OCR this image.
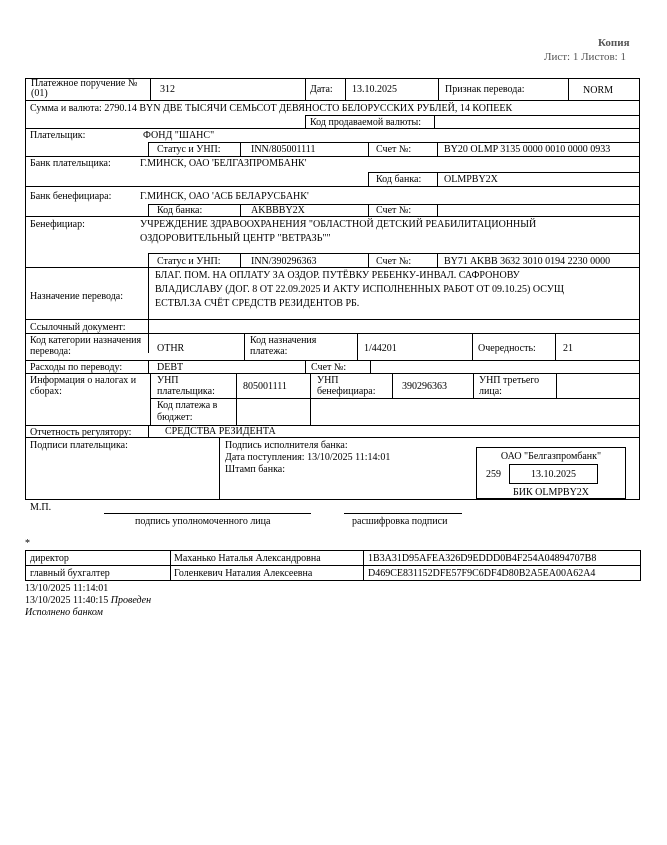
Копия
Лист: 1 Листов: 1
Платежное поручение № (01)	312	Дата: 13.10.2025	Признак перевода:	NORM
Сумма и валюта: 2790.14 BYN ДВЕ ТЫСЯЧИ СЕМЬСОТ ДЕВЯНОСТО БЕЛОРУССКИХ РУБЛЕЙ, 14 КОПЕЕК
Код продаваемой валюты:
Плательщик:	ФОНД "ШАНС"
Статус и УНП:	INN/805001111	Счет №:	BY20 OLMP 3135 0000 0010 0000 0933
Банк плательщика:	Г.МИНСК, ОАО 'БЕЛГАЗПРОМБАНК'
Код банка: OLMPBY2X
Банк бенефициара:	Г.МИНСК, ОАО 'АСБ БЕЛАРУСБАНК'
Код банка:	AKBBBY2X	Счет №:
Бенефициар:	УЧРЕЖДЕНИЕ ЗДРАВООХРАНЕНИЯ "ОБЛАСТНОЙ ДЕТСКИЙ РЕАБИЛИТАЦИОННЫЙ
ОЗДОРОВИТЕЛЬНЫЙ ЦЕНТР "ВЕТРАЗЬ""
Статус и УНП:	INN/390296363	Счет №:	BY71 AKBB 3632 3010 0194 2230 0000
Назначение перевода:
БЛАГ. ПОМ. НА ОПЛАТУ ЗА ОЗДОР. ПУТЁВКУ РЕБЕНКУ-ИНВАЛ. САФРОНОВУ
ВЛАДИСЛАВУ (ДОГ. 8 ОТ 22.09.2025 И АКТУ ИСПОЛНЕННЫХ РАБОТ ОТ 09.10.25) ОСУЩ
ЕСТВЛ.ЗА СЧЁТ СРЕДСТВ РЕЗИДЕНТОВ РБ.
Ссылочный документ:
Код категории назначения перевода:	OTHR
Код назначения платежа:	1/44201	Очередность:	21
Расходы по переводу:	DEBT	Счет №:
Информация о налогах и сборах:
УНП плательщика:	805001111
УНП бенефициара:	390296363
УНП третьего лица:
Код платежа в бюджет:
Отчетность регулятору:	СРЕДСТВА РЕЗИДЕНТА
Подписи плательщика:	Подпись исполнителя банка:
Дата поступления: 13/10/2025 11:14:01
Штамп банка:
ОАО "Белгазпромбанк"
259	13.10.2025
БИК OLMPBY2X
М.П.
подпись уполномоченного лица	расшифровка подписи
*
директор	Маханько Наталья Александровна	1B3A31D95AFEA326D9EDDD0B4F254A04894707B8
главный бухгалтер	Голенкевич Наталия Алексеевна	D469CE831152DFE57F9C6DF4D80B2A5EA00A62A4
13/10/2025 11:14:01
13/10/2025 11:40:15 Проведен
Исполнено банком
